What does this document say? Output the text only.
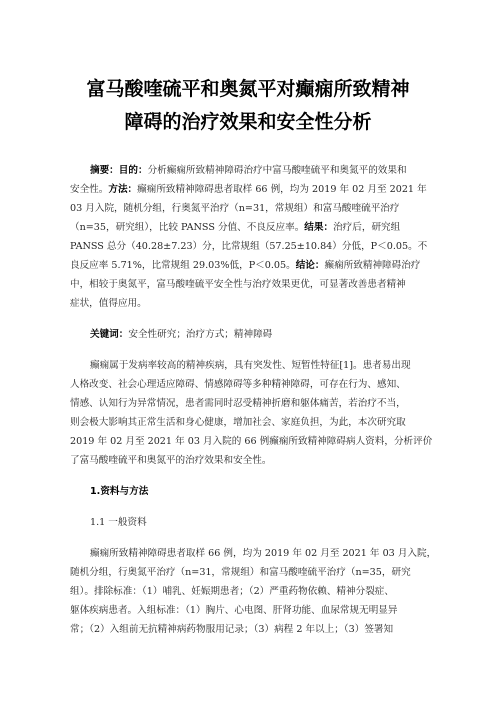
富马酸喹硫平和奥氮平对癫痫所致精神
障碍的治疗效果和安全性分析
摘要：目的：分析癫痫所致精神障碍治疗中富马酸喹硫平和奥氮平的效果和
安全性。方法：癫痫所致精神障碍患者取样 66 例，均为 2019 年 02 月至 2021 年
03 月入院，随机分组，行奥氮平治疗（n=31，常规组）和富马酸喹硫平治疗
（n=35，研究组），比较 PANSS 分值、不良反应率。结果：治疗后，研究组
PANSS 总分（40.28±7.23）分，比常规组（57.25±10.84）分低，P＜0.05。不
良反应率 5.71%，比常规组 29.03%低，P＜0.05。结论：癫痫所致精神障碍治疗
中，相较于奥氮平，富马酸喹硫平安全性与治疗效果更优，可显著改善患者精神
症状，值得应用。
关键词：安全性研究；治疗方式；精神障碍
癫痫属于发病率较高的精神疾病，具有突发性、短暂性特征[1]。患者易出现
人格改变、社会心理适应障碍、情感障碍等多种精神障碍，可存在行为、感知、
情感、认知行为异常情况，患者需同时忍受精神折磨和躯体痛苦，若治疗不当，
则会极大影响其正常生活和身心健康，增加社会、家庭负担，为此，本次研究取
2019 年 02 月至 2021 年 03 月入院的 66 例癫痫所致精神障碍病人资料，分析评价
了富马酸喹硫平和奥氮平的治疗效果和安全性。
1.资料与方法
1.1 一般资料
癫痫所致精神障碍患者取样 66 例，均为 2019 年 02 月至 2021 年 03 月入院，
随机分组，行奥氮平治疗（n=31，常规组）和富马酸喹硫平治疗（n=35，研究
组）。排除标准：（1）哺乳、妊娠期患者；（2）严重药物依赖、精神分裂症、
躯体疾病患者。入组标准：（1）胸片、心电图、肝肾功能、血尿常规无明显异
常；（2）入组前无抗精神病药物服用记录；（3）病程 2 年以上；（3）签署知
